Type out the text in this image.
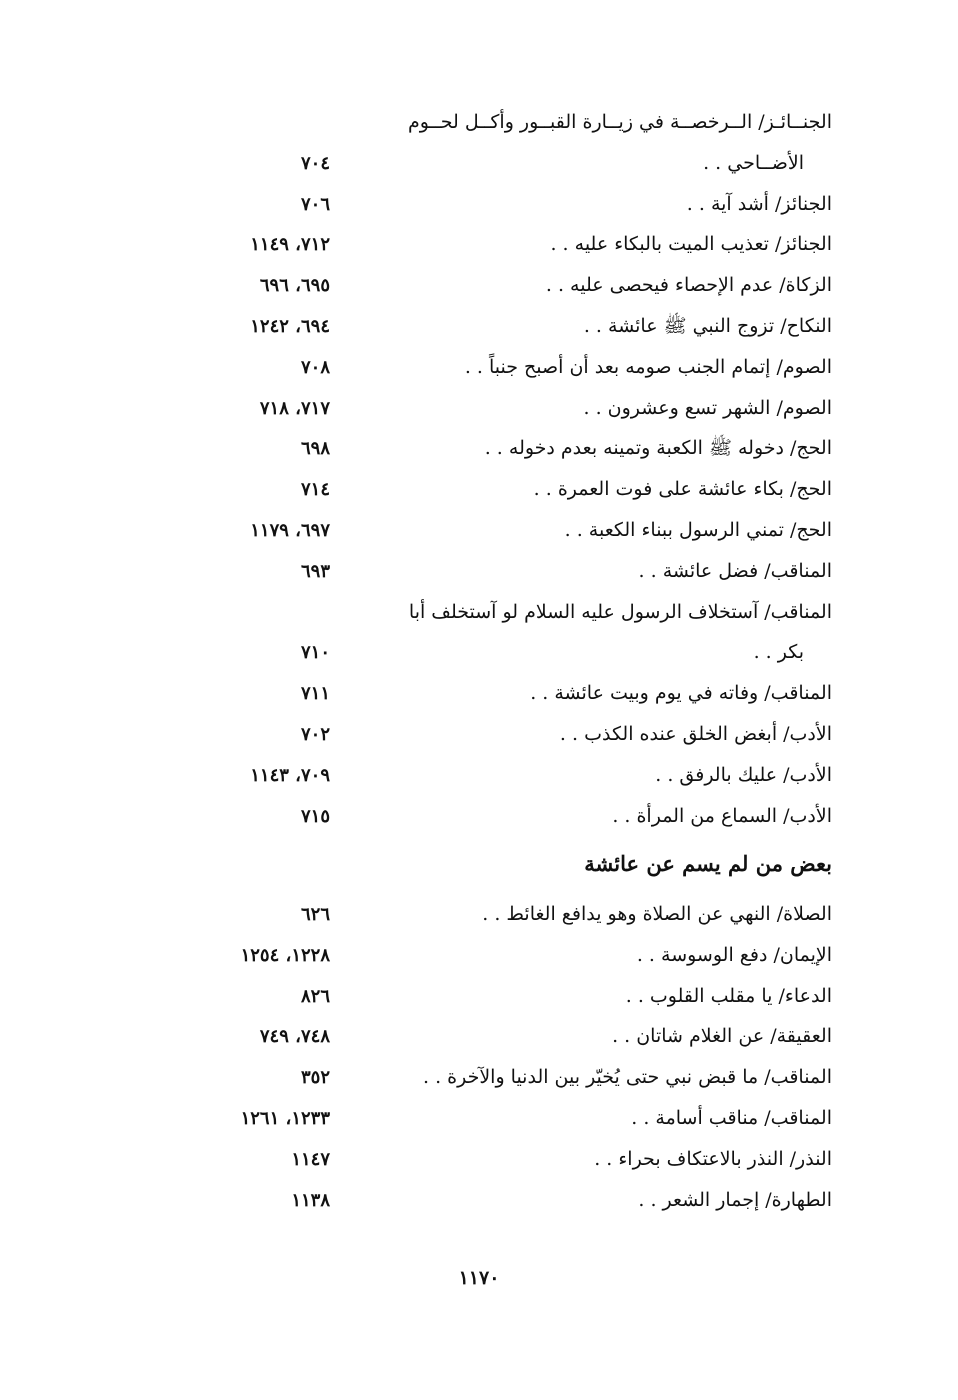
الجنــائـز/ الــرخصــة في زيــارة القبــور وأكــل لحــوم
الأضــاحي . .
٧٠٤
الجنائز/ أشد آية . .
٧٠٦
الجنائز/ تعذيب الميت بالبكاء عليه . .
٧١٢، ١١٤٩
الزكاة/ عدم الإحصاء فيحصى عليه . .
٦٩٥، ٦٩٦
النكاح/ تزوج النبي ﷺ عائشة . .
٦٩٤، ١٢٤٢
الصوم/ إتمام الجنب صومه بعد أن أصبح جنباً . .
٧٠٨
الصوم/ الشهر تسع وعشرون . .
٧١٧، ٧١٨
الحج/ دخوله ﷺ الكعبة وتمينه بعدم دخوله . .
٦٩٨
الحج/ بكاء عائشة على فوت العمرة . .
٧١٤
الحج/ تمني الرسول ببناء الكعبة . .
٦٩٧، ١١٧٩
المناقب/ فضل عائشة . .
٦٩٣
المناقب/ آستخلاف الرسول عليه السلام لو آستخلف أبا
بكر . .
٧١٠
المناقب/ وفاته في يوم وبيت عائشة . .
٧١١
الأدب/ أبغض الخلق عنده الكذب . .
٧٠٢
الأدب/ عليك بالرفق . .
٧٠٩، ١١٤٣
الأدب/ السماع من المرأة . .
٧١٥
بعض من لم يسم عن عائشة
الصلاة/ النهي عن الصلاة وهو يدافع الغائط . .
٦٢٦
الإيمان/ دفع الوسوسة . .
١٢٢٨، ١٢٥٤
الدعاء/ يا مقلب القلوب . .
٨٢٦
العقيقة/ عن الغلام شاتان . .
٧٤٨، ٧٤٩
المناقب/ ما قبض نبي حتى يُخيّر بين الدنيا والآخرة . .
٣٥٢
المناقب/ مناقب أسامة . .
١٢٣٣، ١٢٦١
النذر/ النذر بالاعتكاف بحراء . .
١١٤٧
الطهارة/ إجمار الشعر . .
١١٣٨
١١٧٠
